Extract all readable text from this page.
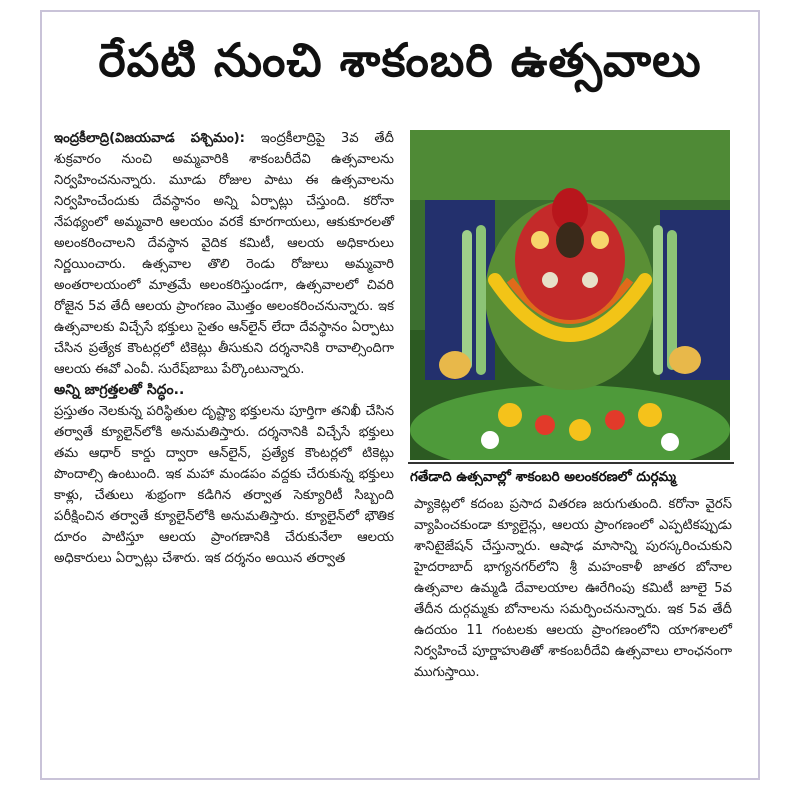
రేపటి నుంచి శాకంబరి ఉత్సవాలు

ఇంద్రకీలాద్రి(విజయవాడ పశ్చిమం): ఇంద్రకీలాద్రిపై 3వ తేదీ శుక్రవారం నుంచి అమ్మవారికి శాకంబరీదేవి ఉత్సవాలను నిర్వహించనున్నారు. మూడు రోజుల పాటు ఈ ఉత్సవాలను నిర్వహించేందుకు దేవస్థానం అన్ని ఏర్పాట్లు చేస్తుంది. కరోనా నేపథ్యంలో అమ్మవారి ఆలయం వరకే కూరగాయలు, ఆకుకూరలతో అలంకరించాలని దేవస్థాన వైదిక కమిటీ, ఆలయ అధికారులు నిర్ణయించారు. ఉత్సవాల తొలి రెండు రోజులు అమ్మవారి అంతరాలయంలో మాత్రమే అలంకరిస్తుండగా, ఉత్సవాలలో చివరి రోజైన 5వ తేదీ ఆలయ ప్రాంగణం మొత్తం అలంకరించనున్నారు. ఇక ఉత్సవాలకు విచ్చేసే భక్తులు సైతం ఆన్‌లైన్ లేదా దేవస్థానం ఏర్పాటు చేసిన ప్రత్యేక కౌంటర్లలో టికెట్లు తీసుకుని దర్శనానికి రావాల్సిందిగా ఆలయ ఈవో ఎంవీ. సురేష్‌బాబు పేర్కొంటున్నారు.

అన్ని జాగ్రత్తలతో సిద్ధం..

ప్రస్తుతం నెలకున్న పరిస్థితుల దృష్ట్యా భక్తులను పూర్తిగా తనిఖీ చేసిన తర్వాతే క్యూలైన్‌లోకి అనుమతిస్తారు. దర్శనానికి విచ్చేసే భక్తులు తమ ఆధార్ కార్డు ద్వారా ఆన్‌లైన్, ప్రత్యేక కౌంటర్లలో టికెట్లు పొందాల్సి ఉంటుంది. ఇక మహా మండపం వద్దకు చేరుకున్న భక్తులు కాళ్లు, చేతులు శుభ్రంగా కడిగిన తర్వాత సెక్యూరిటీ సిబ్బంది పరీక్షించిన తర్వాతే క్యూలైన్‌లోకి అనుమతిస్తారు. క్యూలైన్‌లో భౌతిక దూరం పాటిస్తూ ఆలయ ప్రాంగణానికి చేరుకునేలా ఆలయ అధికారులు ఏర్పాట్లు చేశారు. ఇక దర్శనం అయిన తర్వాత

గతేడాది ఉత్సవాల్లో శాకంబరి అలంకరణలో దుర్గమ్మ

ప్యాకెట్లలో కదంబ ప్రసాద వితరణ జరుగుతుంది. కరోనా వైరస్ వ్యాపించకుండా క్యూలైన్లు, ఆలయ ప్రాంగణంలో ఎప్పటికప్పుడు శానిటైజేషన్ చేస్తున్నారు. ఆషాఢ మాసాన్ని పురస్కరించుకుని హైదరాబాద్ భాగ్యనగర్‌లోని శ్రీ మహంకాళీ జాతర బోనాల ఉత్సవాల ఉమ్మడి దేవాలయాల ఊరేగింపు కమిటీ జూలై 5వ తేదీన దుర్గమ్మకు బోనాలను సమర్పించనున్నారు. ఇక 5వ తేదీ ఉదయం 11 గంటలకు ఆలయ ప్రాంగణంలోని యాగశాలలో నిర్వహించే పూర్ణాహుతితో శాకంబరీదేవి ఉత్సవాలు లాంఛనంగా ముగుస్తాయి.
